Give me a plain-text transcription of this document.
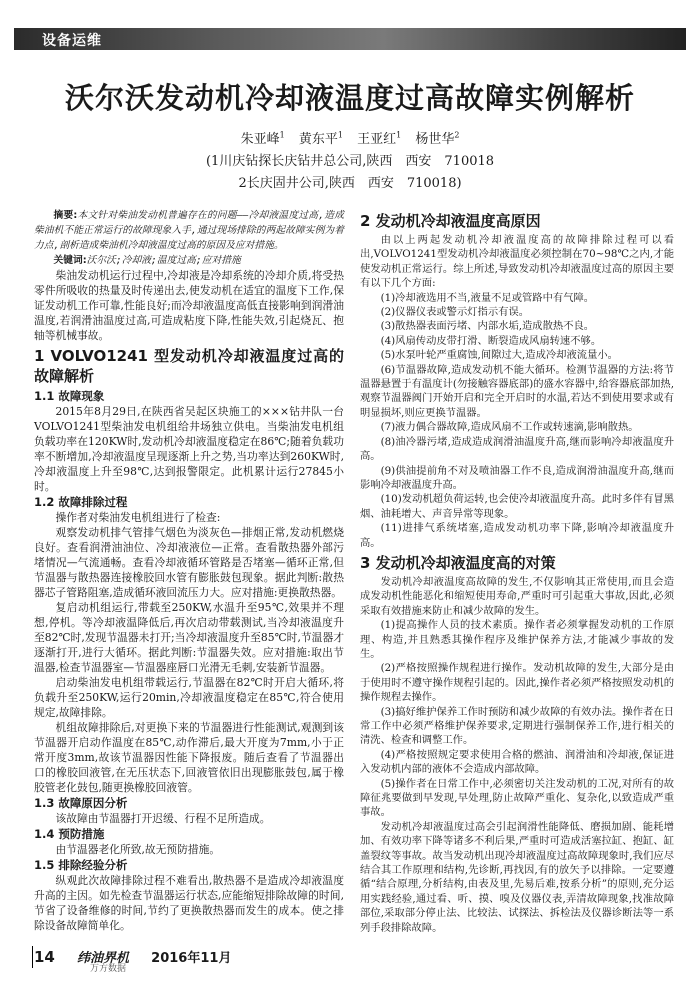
设备运维
沃尔沃发动机冷却液温度过高故障实例解析
朱亚峰$^1$ 黄东平$^1$ 王亚红$^1$ 杨世华$^2$
(1川庆钻探长庆钻井总公司,陕西　西安　710018
2长庆固井公司,陕西　西安　710018)

摘要:本文针对柴油发动机普遍存在的问题——冷却液温度过高,造成柴油机不能正常运行的故障现象入手,通过现场排除的两起故障实例为着力点,剖析造成柴油机冷却液温度过高的原因及应对措施。

关键词:沃尔沃;冷却液;温度过高;应对措施

柴油发动机运行过程中,冷却液是冷却系统的冷却介质,将受热零件所吸收的热量及时传递出去,使发动机在适宜的温度下工作,保证发动机工作可靠,性能良好;而冷却液温度高低直接影响到润滑油温度,若润滑油温度过高,可造成粘度下降,性能失效,引起烧瓦、抱轴等机械事故。

1 VOLVO1241 型发动机冷却液温度过高的故障解析
1.1 故障现象

2015年8月29日,在陕西省吴起区块施工的×××钻井队一台VOLVO1241型柴油发电机组给井场独立供电。当柴油发电机组负载功率在120KW时,发动机冷却液温度稳定在86℃;随着负载功率不断增加,冷却液温度呈现逐渐上升之势,当功率达到260KW时,冷却液温度上升至98℃,达到报警限定。此机累计运行27845小时。

1.2 故障排除过程

操作者对柴油发电机组进行了检查:

观察发动机排气管排气烟色为淡灰色—排烟正常,发动机燃烧良好。查看润滑油油位、冷却液液位—正常。查看散热器外部污堵情况—气流通畅。查看冷却液循环管路是否堵塞—循环正常,但节温器与散热器连接橡胶回水管有膨胀鼓包现象。据此判断:散热器芯子管路阻塞,造成循环液回流压力大。应对措施:更换散热器。

复启动机组运行,带载至250KW,水温升至95℃,效果并不理想,停机。等冷却液温降低后,再次启动带载测试,当冷却液温度升至82℃时,发现节温器未打开;当冷却液温度升至85℃时,节温器才逐渐打开,进行大循环。据此判断:节温器失效。应对措施:取出节温器,检查节温器室—节温器座唇口光滑无毛刺,安装新节温器。

启动柴油发电机组带载运行,节温器在82℃时开启大循环,将负载升至250KW,运行20min,冷却液温度稳定在85℃,符合使用规定,故障排除。

机组故障排除后,对更换下来的节温器进行性能测试,观测到该节温器开启动作温度在85℃,动作滞后,最大开度为7mm,小于正常开度3mm,故该节温器因性能下降报废。随后查看了节温器出口的橡胶回液管,在无压状态下,回液管依旧出现膨胀鼓包,属于橡胶管老化鼓包,随更换橡胶回液管。

1.3 故障原因分析

该故障由节温器打开迟缓、行程不足所造成。

1.4 预防措施

由节温器老化所致,故无预防措施。

1.5 排除经验分析

纵观此次故障排除过程不难看出,散热器不是造成冷却液温度升高的主因。如先检查节温器运行状态,应能缩短排除故障的时间,节省了设备维修的时间,节约了更换散热器而发生的成本。使之排除设备故障简单化。

2 发动机冷却液温度高原因

由以上两起发动机冷却液温度高的故障排除过程可以看出,VOLVO1241型发动机冷却液温度必须控制在70~98℃之内,才能使发动机正常运行。综上所述,导致发动机冷却液温度过高的原因主要有以下几个方面:

(1)冷却液选用不当,液量不足或管路中有气障。

(2)仪器仪表或警示灯指示有误。

(3)散热器表面污堵、内部水垢,造成散热不良。

(4)风扇传动皮带打滑、断裂造成风扇转速不够。

(5)水泵叶轮严重腐蚀,间隙过大,造成冷却液流量小。

(6)节温器故障,造成发动机不能大循环。检测节温器的方法:将节温器悬置于有温度计(勿接触容器底部)的盛水容器中,给容器底部加热,观察节温器阀门开始开启和完全开启时的水温,若达不到使用要求或有明显损坏,则应更换节温器。

(7)液力偶合器故障,造成风扇不工作或转速滴,影响散热。

(8)油冷器污堵,造成造成润滑油温度升高,继而影响冷却液温度升高。

(9)供油提前角不对及喷油器工作不良,造成润滑油温度升高,继而影响冷却液温度升高。

(10)发动机超负荷运转,也会使冷却液温度升高。此时多伴有冒黑烟、油耗增大、声音异常等现象。

(11)进排气系统堵塞,造成发动机功率下降,影响冷却液温度升高。

3 发动机冷却液温度高的对策

发动机冷却液温度高故障的发生,不仅影响其正常使用,而且会造成发动机性能恶化和缩短使用寿命,严重时可引起重大事故,因此,必须采取有效措施来防止和减少故障的发生。

(1)提高操作人员的技术素质。操作者必须掌握发动机的工作原理、构造,并且熟悉其操作程序及维护保养方法,才能减少事故的发生。

(2)严格按照操作规程进行操作。发动机故障的发生,大部分是由于使用时不遵守操作规程引起的。因此,操作者必须严格按照发动机的操作规程去操作。

(3)搞好维护保养工作时预防和减少故障的有效办法。操作者在日常工作中必须严格维护保养要求,定期进行强制保养工作,进行相关的清洗、检查和调整工作。

(4)严格按照规定要求使用合格的燃油、润滑油和冷却液,保证进入发动机内部的液体不会造成内部故障。

(5)操作者在日常工作中,必须密切关注发动机的工况,对所有的故障征兆要做到早发现,早处理,防止故障严重化、复杂化,以致造成严重事故。

发动机冷却液温度过高会引起润滑性能降低、磨损加剧、能耗增加、有效功率下降等诸多不利后果,严重时可造成活塞拉缸、抱缸、缸盖裂纹等事故。故当发动机出现冷却液温度过高故障现象时,我们应尽结合其工作原理和结构,先诊断,再找因,有的放矢予以排除。一定要遵循“结合原理,分析结构,由表及里,先易后难,按系分析”的原则,充分运用实践经验,通过看、听、摸、嗅及仪器仪表,弄清故障现象,找准故障部位,采取部分停止法、比较法、试探法、拆检法及仪器诊断法等一系列手段排除故障。

14 纬油界机 2016年11月
万方数据
